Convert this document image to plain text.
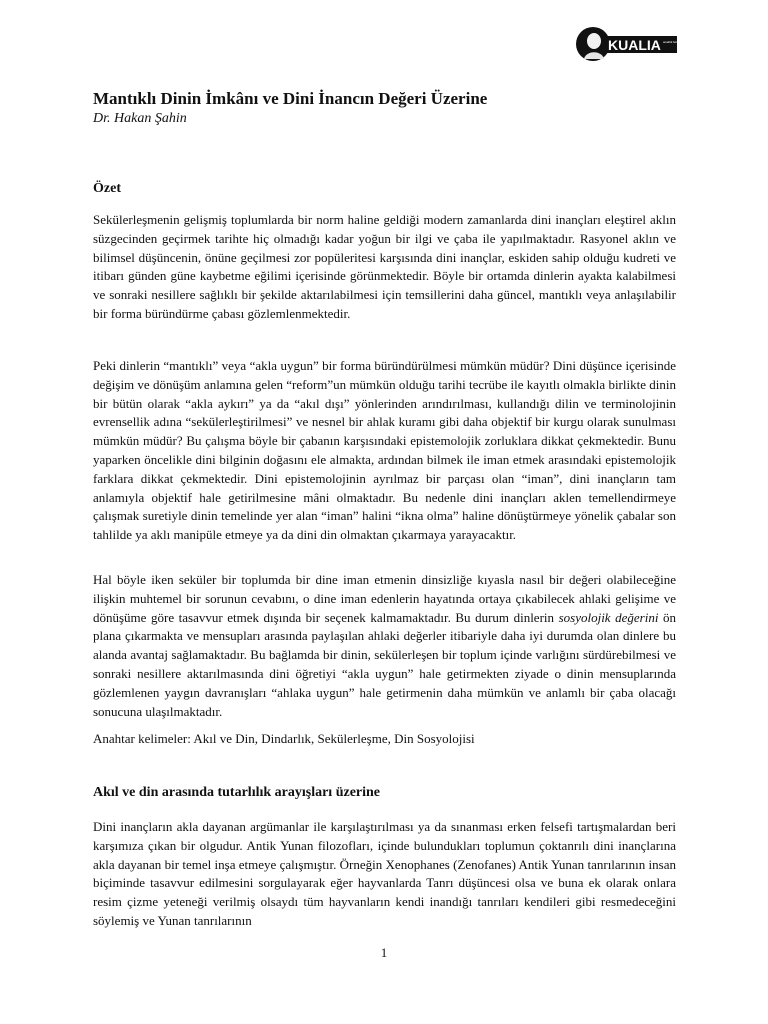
KUALIA analitik felsefe dergisi
Mantıklı Dinin İmkânı ve Dini İnancın Değeri Üzerine
Dr. Hakan Şahin
Özet

Sekülerleşmenin gelişmiş toplumlarda bir norm haline geldiği modern zamanlarda dini inançları eleştirel aklın süzgecinden geçirmek tarihte hiç olmadığı kadar yoğun bir ilgi ve çaba ile yapılmaktadır. Rasyonel aklın ve bilimsel düşüncenin, önüne geçilmesi zor popüleritesi karşısında dini inançlar, eskiden sahip olduğu kudreti ve itibarı günden güne kaybetme eğilimi içerisinde görünmektedir. Böyle bir ortamda dinlerin ayakta kalabilmesi ve sonraki nesillere sağlıklı bir şekilde aktarılabilmesi için temsillerini daha güncel, mantıklı veya anlaşılabilir bir forma büründürme çabası gözlemlenmektedir.

Peki dinlerin “mantıklı” veya “akla uygun” bir forma büründürülmesi mümkün müdür? Dini düşünce içerisinde değişim ve dönüşüm anlamına gelen “reform”un mümkün olduğu tarihi tecrübe ile kayıtlı olmakla birlikte dinin bir bütün olarak “akla aykırı” ya da “akıl dışı” yönlerinden arındırılması, kullandığı dilin ve terminolojinin evrensellik adına “sekülerleştirilmesi” ve nesnel bir ahlak kuramı gibi daha objektif bir kurgu olarak sunulması mümkün müdür? Bu çalışma böyle bir çabanın karşısındaki epistemolojik zorluklara dikkat çekmektedir. Bunu yaparken öncelikle dini bilginin doğasını ele almakta, ardından bilmek ile iman etmek arasındaki epistemolojik farklara dikkat çekmektedir. Dini epistemolojinin ayrılmaz bir parçası olan “iman”, dini inançların tam anlamıyla objektif hale getirilmesine mâni olmaktadır. Bu nedenle dini inançları aklen temellendirmeye çalışmak suretiyle dinin temelinde yer alan “iman” halini “ikna olma” haline dönüştürmeye yönelik çabalar son tahlilde ya aklı manipüle etmeye ya da dini din olmaktan çıkarmaya yarayacaktır.

Hal böyle iken seküler bir toplumda bir dine iman etmenin dinsizliğe kıyasla nasıl bir değeri olabileceğine ilişkin muhtemel bir sorunun cevabını, o dine iman edenlerin hayatında ortaya çıkabilecek ahlaki gelişime ve dönüşüme göre tasavvur etmek dışında bir seçenek kalmamaktadır. Bu durum dinlerin sosyolojik değerini ön plana çıkarmakta ve mensupları arasında paylaşılan ahlaki değerler itibariyle daha iyi durumda olan dinlere bu alanda avantaj sağlamaktadır. Bu bağlamda bir dinin, sekülerleşen bir toplum içinde varlığını sürdürebilmesi ve sonraki nesillere aktarılmasında dini öğretiyi “akla uygun” hale getirmekten ziyade o dinin mensuplarında gözlemlenen yaygın davranışları “ahlaka uygun” hale getirmenin daha mümkün ve anlamlı bir çaba olacağı sonucuna ulaşılmaktadır.

Anahtar kelimeler: Akıl ve Din, Dindarlık, Sekülerleşme, Din Sosyolojisi
Akıl ve din arasında tutarlılık arayışları üzerine

Dini inançların akla dayanan argümanlar ile karşılaştırılması ya da sınanması erken felsefi tartışmalardan beri karşımıza çıkan bir olgudur. Antik Yunan filozofları, içinde bulundukları toplumun çoktanrılı dini inançlarına akla dayanan bir temel inşa etmeye çalışmıştır. Örneğin Xenophanes (Zenofanes) Antik Yunan tanrılarının insan biçiminde tasavvur edilmesini sorgulayarak eğer hayvanlarda Tanrı düşüncesi olsa ve buna ek olarak onlara resim çizme yeteneği verilmiş olsaydı tüm hayvanların kendi inandığı tanrıları kendileri gibi resmedeceğini söylemiş ve Yunan tanrılarının

1
